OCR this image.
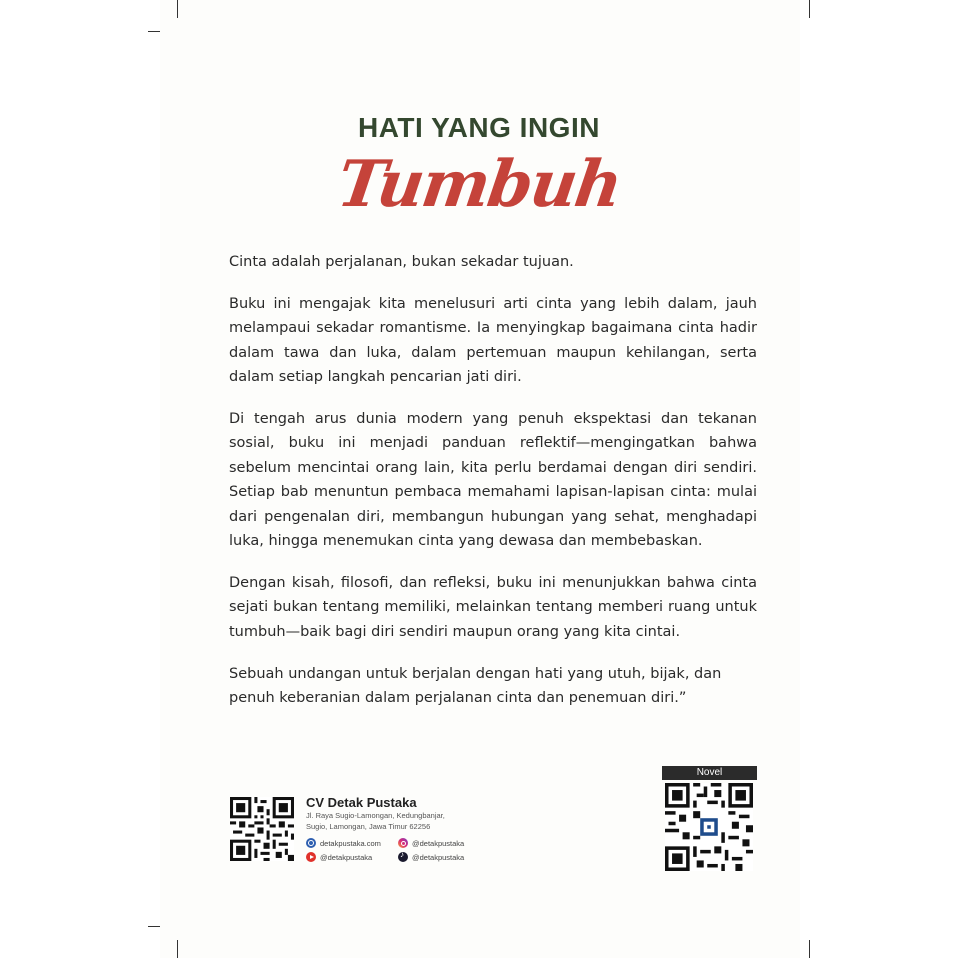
HATI YANG INGIN
Tumbuh

Cinta adalah perjalanan, bukan sekadar tujuan.

Buku ini mengajak kita menelusuri arti cinta yang lebih dalam, jauh melampaui sekadar romantisme. Ia menyingkap bagaimana cinta hadir dalam tawa dan luka, dalam pertemuan maupun kehilangan, serta dalam setiap langkah pencarian jati diri.

Di tengah arus dunia modern yang penuh ekspektasi dan tekanan sosial, buku ini menjadi panduan reflektif—mengingatkan bahwa sebelum mencintai orang lain, kita perlu berdamai dengan diri sendiri. Setiap bab menuntun pembaca memahami lapisan-lapisan cinta: mulai dari pengenalan diri, membangun hubungan yang sehat, menghadapi luka, hingga menemukan cinta yang dewasa dan membebaskan.

Dengan kisah, filosofi, dan refleksi, buku ini menunjukkan bahwa cinta sejati bukan tentang memiliki, melainkan tentang memberi ruang untuk tumbuh—baik bagi diri sendiri maupun orang yang kita cintai.

Sebuah undangan untuk berjalan dengan hati yang utuh, bijak, dan penuh keberanian dalam perjalanan cinta dan penemuan diri.”

CV Detak Pustaka
Jl. Raya Sugio-Lamongan, Kedungbanjar,
Sugio, Lamongan, Jawa Timur 62256
detakpustaka.com	@detakpustaka
@detakpustaka
♪	@detakpustaka
Novel
